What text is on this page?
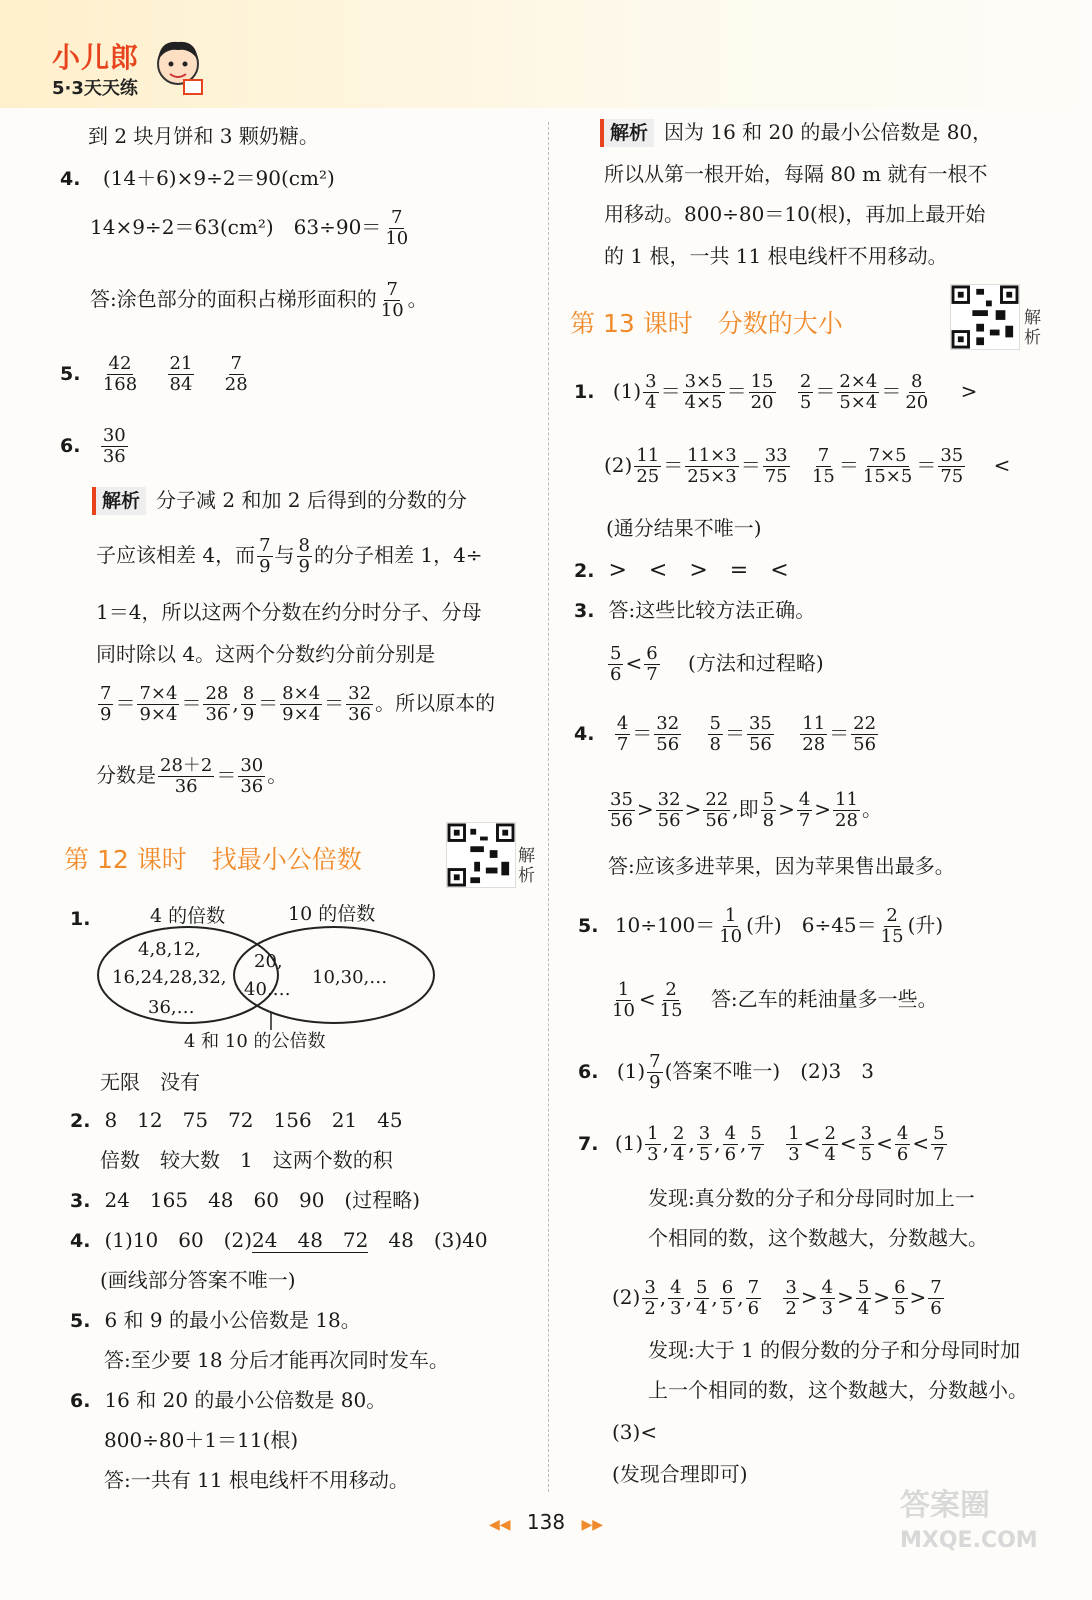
小儿郎
5·3天天练
到 2 块月饼和 3 颗奶糖。
4. (14＋6)×9÷2＝90(cm²)
14×9÷2＝63(cm²)　$63\div 90= \frac{7}{10}$
答:涂色部分的面积占梯形面积的 $\frac{7}{10}$ 。
5. $\frac{42}{168}$
$\frac{21}{84}$
$\frac{7}{28}$
6. $\frac{30}{36}$
解析 分子减 2 和加 2 后得到的分数的分
子应该相差 4，而 $\frac{7}{9}$ 与 $\frac{8}{9}$ 的分子相差 1，4÷
1＝4，所以这两个分数在约分时分子、分母
同时除以 4。这两个分数约分前分别是
$\frac{7}{9} = \frac{7\times 4}{9\times 4} = \frac{28}{36}$ , $\frac{8}{9} = \frac{8\times 4}{9\times 4} = \frac{32}{36}$ 。所以原本的
分数是 $\frac{28+2}{36} = \frac{30}{36}$ 。
第 12 课时　找最小公倍数	解析
1.	4 的倍数	10 的倍数
4,8,12,
16,24,28,32,
36,…
20,
40,…
10,30,…
4 和 10 的公倍数
无限　没有
2. 8　12　75　72　156　21　45
倍数　较大数　1　这两个数的积
3. 24　165　48　60　90　(过程略)
4. (1)10　60　(2)24　48　72　48　(3)40
(画线部分答案不唯一)
5. 6 和 9 的最小公倍数是 18。
答:至少要 18 分后才能再次同时发车。
6. 16 和 20 的最小公倍数是 80。
800÷80＋1＝11(根)
答:一共有 11 根电线杆不用移动。
解析 因为 16 和 20 的最小公倍数是 80，
所以从第一根开始，每隔 80 m 就有一根不
用移动。800÷80＝10(根)，再加上最开始
的 1 根，一共 11 根电线杆不用移动。
第 13 课时　分数的大小	解析
1. $(1) \frac{3}{4} = \frac{3\times 5}{4\times 5} = \frac{15}{20}$
$\frac{2}{5} = \frac{2\times 4}{5\times 4} = \frac{8}{20}$ >
$(2) \frac{11}{25} = \frac{11\times 3}{25\times 3} = \frac{33}{75}$
$\frac{7}{15} = \frac{7\times 5}{15\times 5} = \frac{35}{75}$ <
(通分结果不唯一)
2. >　<　>　=　<
3. 答:这些比较方法正确。
$\frac{5}{6} < \frac{6}{7}$ (方法和过程略)
4. $\frac{4}{7} = \frac{32}{56}$
$\frac{5}{8} = \frac{35}{56}$
$\frac{11}{28} = \frac{22}{56}$
$\frac{35}{56} > \frac{32}{56} > \frac{22}{56}$ ,即 $\frac{5}{8} > \frac{4}{7} > \frac{11}{28}$ 。
答:应该多进苹果，因为苹果售出最多。
5. $10\div 100= \frac{1}{10}$ (升)　$6\div 45= \frac{2}{15}$ (升)
$\frac{1}{10} < \frac{2}{15}$ 答:乙车的耗油量多一些。
6. $(1) \frac{7}{9}$ (答案不唯一)　(2)3　3
7. $(1) \frac{1}{3}$ , $\frac{2}{4}$ , $\frac{3}{5}$ , $\frac{4}{6}$ , $\frac{5}{7}$
$\frac{1}{3} < \frac{2}{4} < \frac{3}{5} < \frac{4}{6} < \frac{5}{7}$
发现:真分数的分子和分母同时加上一
个相同的数，这个数越大，分数越大。
$(2) \frac{3}{2}$ , $\frac{4}{3}$ , $\frac{5}{4}$ , $\frac{6}{5}$ , $\frac{7}{6}$
$\frac{3}{2} > \frac{4}{3} > \frac{5}{4} > \frac{6}{5} > \frac{7}{6}$
发现:大于 1 的假分数的分子和分母同时加
上一个相同的数，这个数越大，分数越小。
(3)<
(发现合理即可)
◀◀ 138 ▶▶
答案圈
MXQE.COM
